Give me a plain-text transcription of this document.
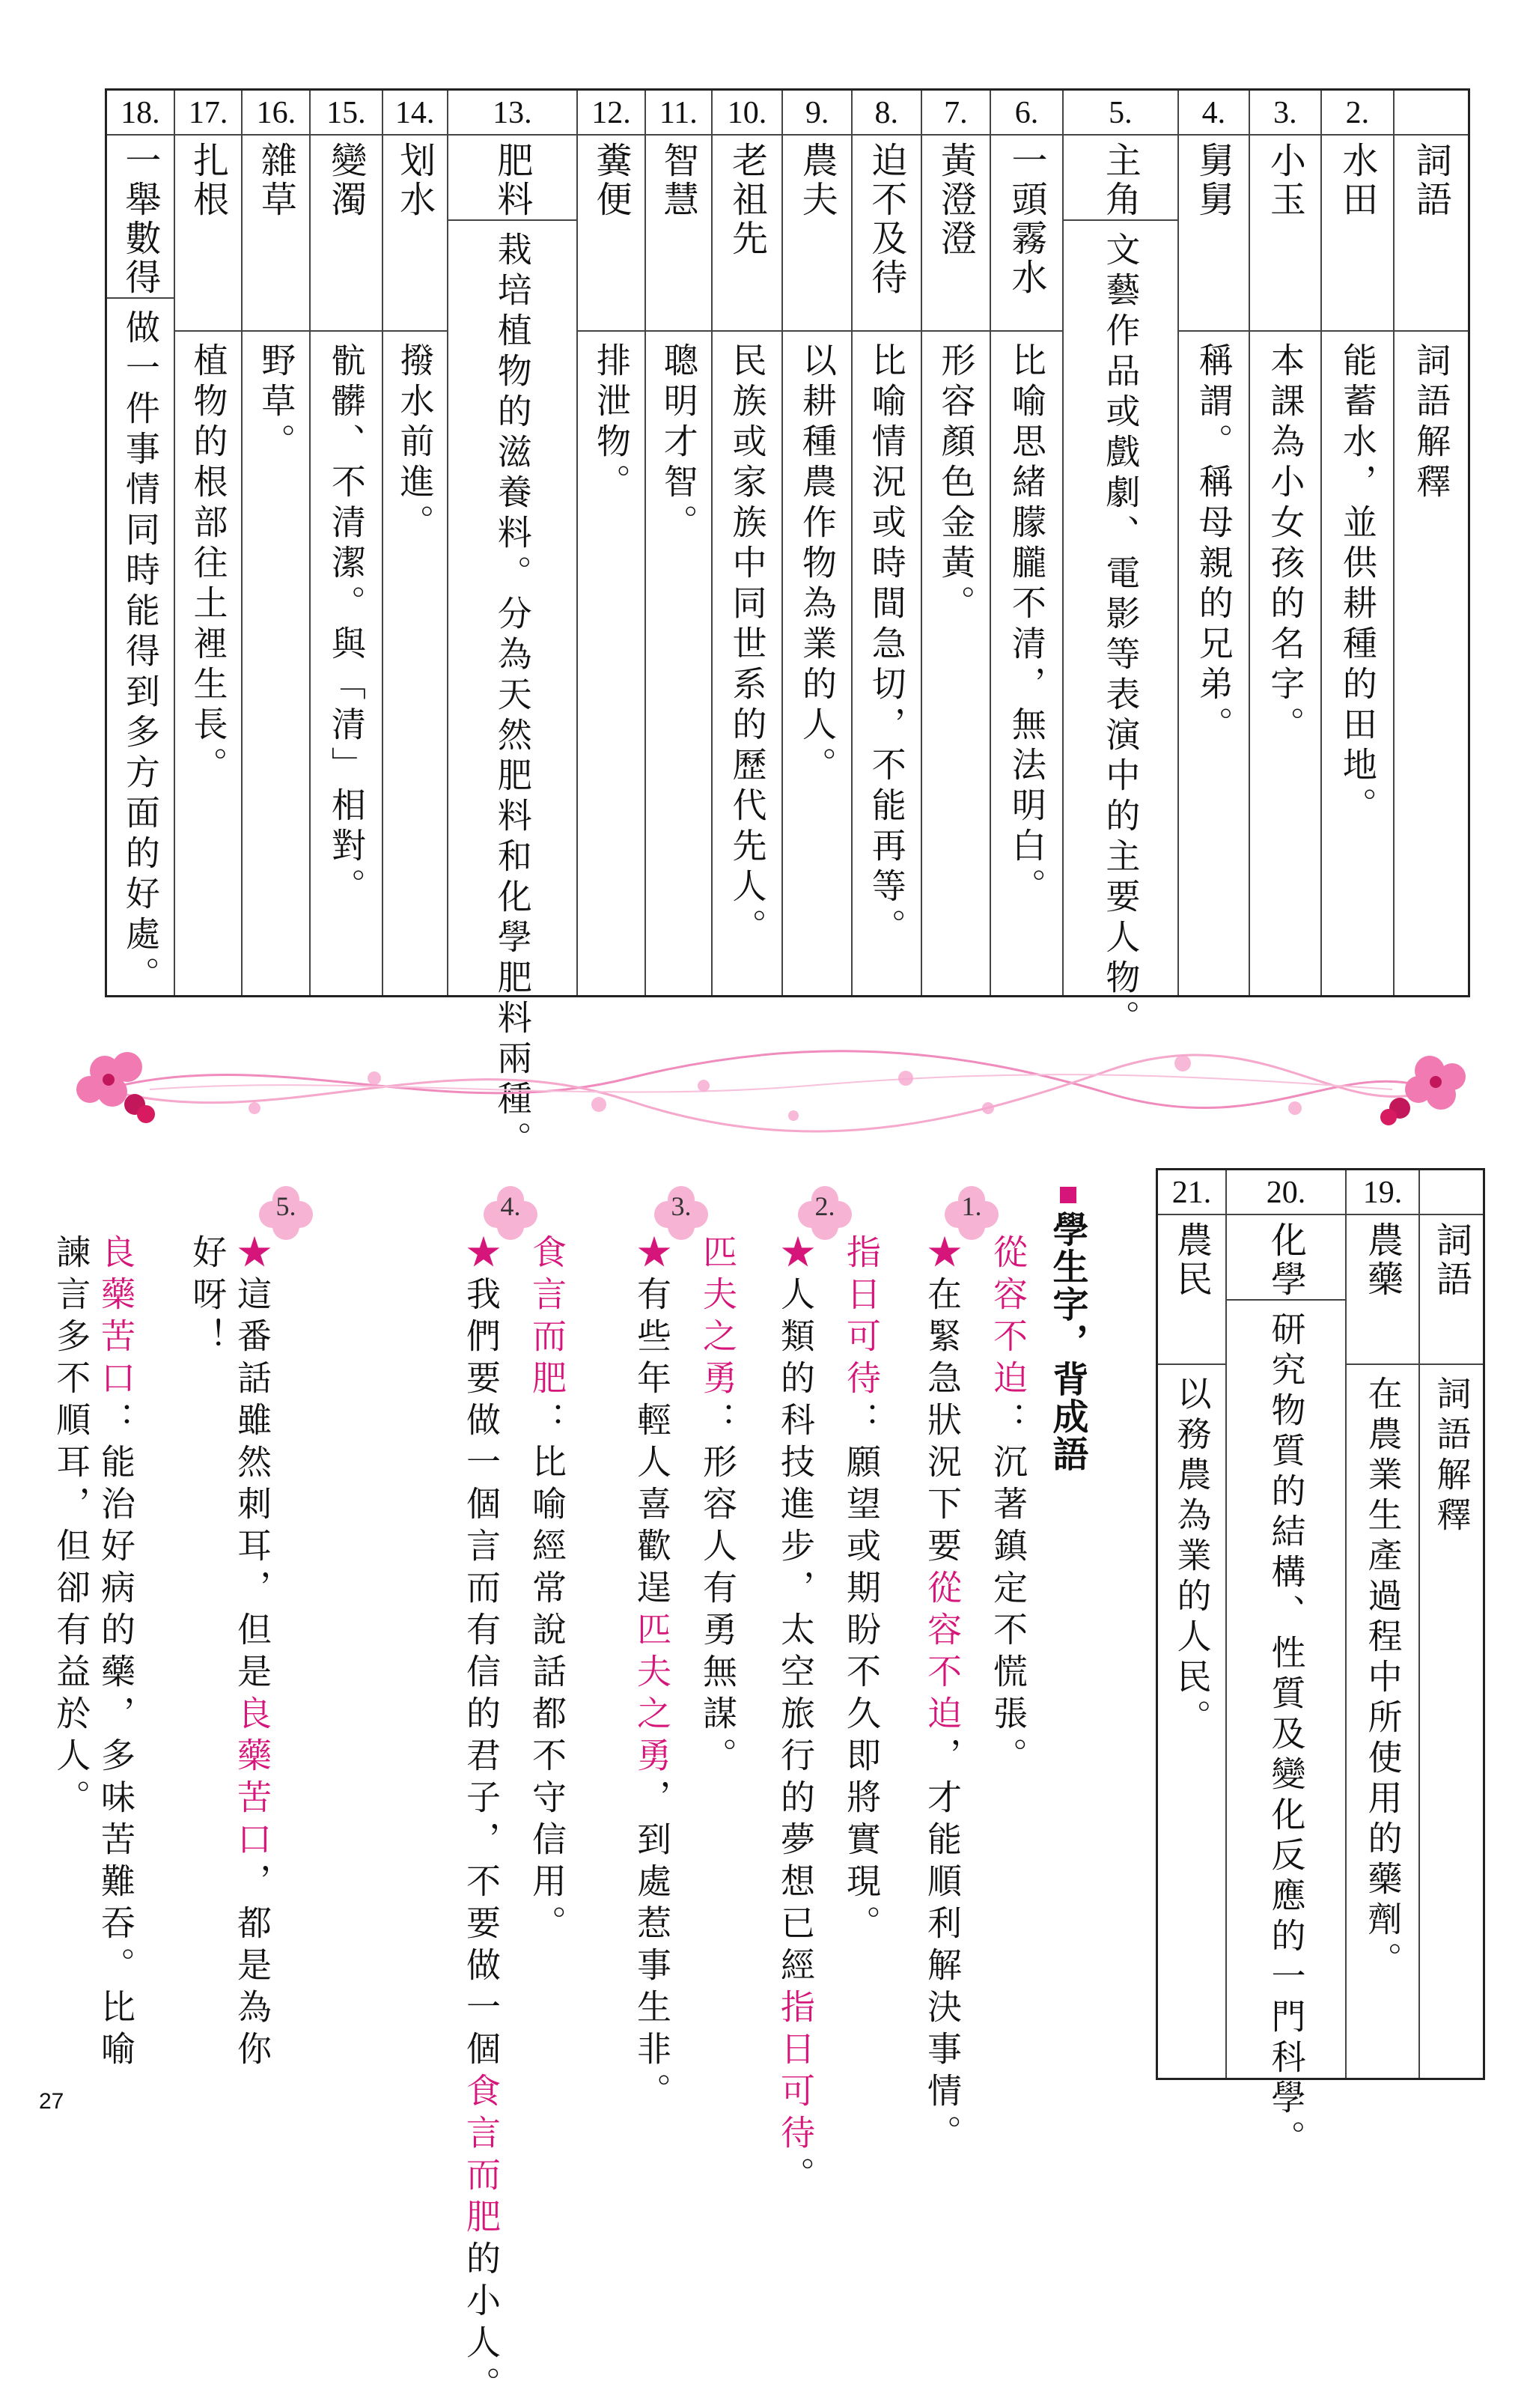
詞語
詞語解釋
2.
水田
能蓄水，並供耕種的田地。
3.
小玉
本課為小女孩的名字。
4.
舅舅
稱謂。稱母親的兄弟。
5.
主角
文藝作品或戲劇、電影等表演中的主要人物。
6.
一頭霧水
比喻思緒朦朧不清，無法明白。
7.
黃澄澄
形容顏色金黃。
8.
迫不及待
比喻情況或時間急切，不能再等。
9.
農夫
以耕種農作物為業的人。
10.
老祖先
民族或家族中同世系的歷代先人。
11.
智慧
聰明才智。
12.
糞便
排泄物。
13.
肥料
栽培植物的滋養料。分為天然肥料和化學肥料兩種。
14.
划水
撥水前進。
15.
變濁
骯髒、不清潔。與「清」相對。
16.
雜草
野草。
17.
扎根
植物的根部往土裡生長。
18.
一舉數得
做一件事情同時能得到多方面的好處。
詞語
詞語解釋
19.
農藥
在農業生產過程中所使用的藥劑。
20.
化學
研究物質的結構、性質及變化反應的一門科學。
21.
農民
以務農為業的人民。
學生字，背成語
1.
從容不迫：沉著鎮定不慌張。
★在緊急狀況下要從容不迫，才能順利解決事情。
2.
指日可待：願望或期盼不久即將實現。
★人類的科技進步，太空旅行的夢想已經指日可待。
3.
匹夫之勇：形容人有勇無謀。
★有些年輕人喜歡逞匹夫之勇，到處惹事生非。
4.
食言而肥：比喻經常說話都不守信用。
★我們要做一個言而有信的君子，不要做一個食言而肥的小人。
5.
良藥苦口：能治好病的藥，多味苦難吞。比喻諫言多不順耳，但卻有益於人。	★這番話雖然刺耳，但是良藥苦口，都是為你好呀！
27
